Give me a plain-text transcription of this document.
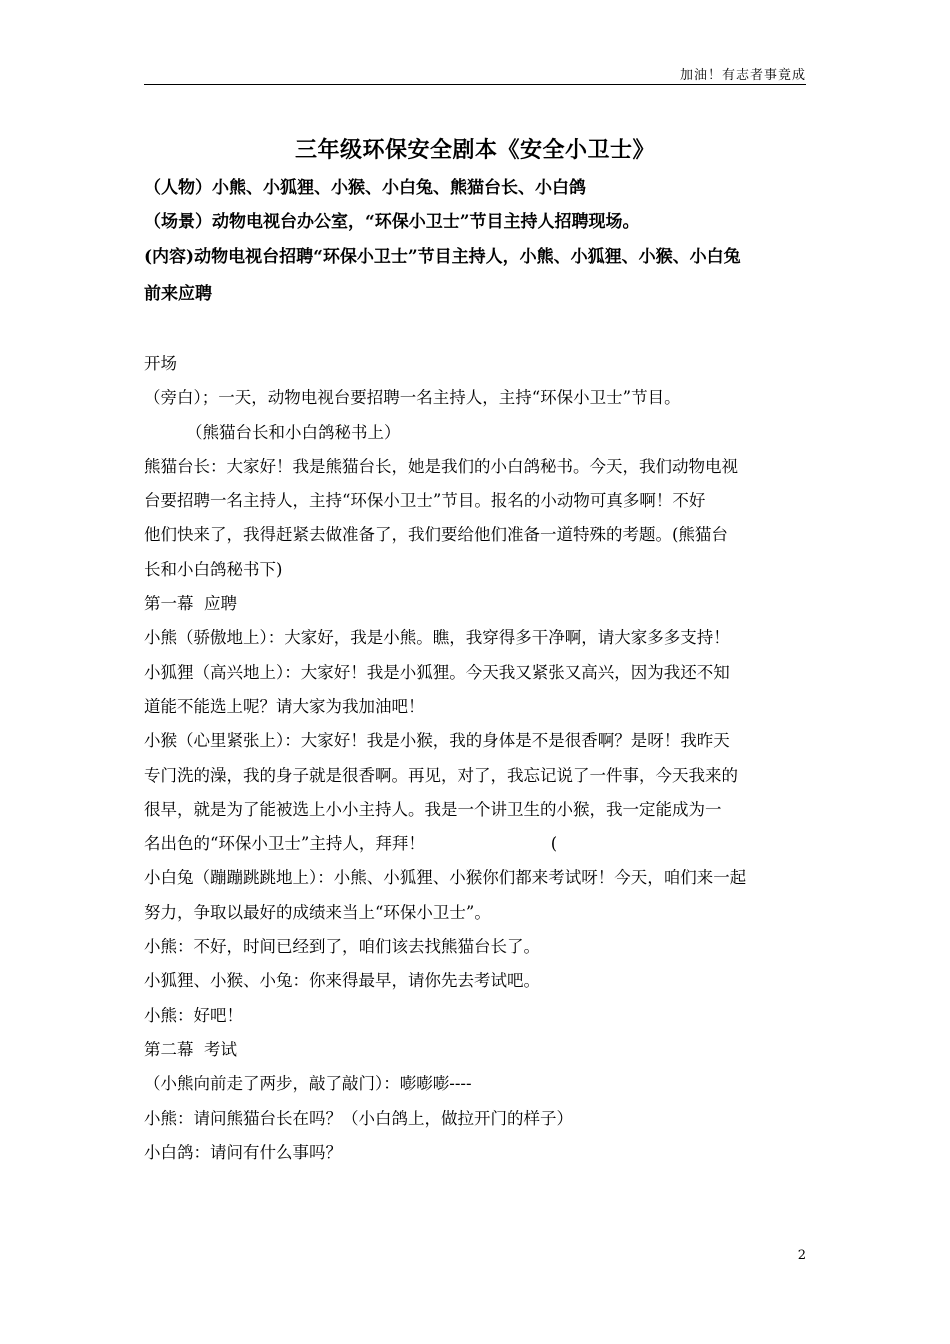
加油！有志者事竟成
三年级环保安全剧本《安全小卫士》
（人物）小熊、小狐狸、小猴、小白兔、熊猫台长、小白鸽
（场景）动物电视台办公室，“环保小卫士”节目主持人招聘现场。
(内容)动物电视台招聘“环保小卫士”节目主持人，小熊、小狐狸、小猴、小白兔
前来应聘
开场
（旁白）；一天，动物电视台要招聘一名主持人，主持“环保小卫士”节目。
（熊猫台长和小白鸽秘书上）
熊猫台长：大家好！我是熊猫台长，她是我们的小白鸽秘书。今天，我们动物电视
台要招聘一名主持人，主持“环保小卫士”节目。报名的小动物可真多啊！不好
他们快来了，我得赶紧去做准备了，我们要给他们准备一道特殊的考题。(熊猫台
长和小白鸽秘书下)
第一幕  应聘
小熊（骄傲地上）：大家好，我是小熊。瞧，我穿得多干净啊，请大家多多支持！
小狐狸（高兴地上）：大家好！我是小狐狸。今天我又紧张又高兴，因为我还不知
道能不能选上呢？请大家为我加油吧！
小猴（心里紧张上）：大家好！我是小猴，我的身体是不是很香啊？是呀！我昨天
专门洗的澡，我的身子就是很香啊。再见，对了，我忘记说了一件事，今天我来的
很早，就是为了能被选上小小主持人。我是一个讲卫生的小猴，我一定能成为一
名出色的“环保小卫士”主持人，拜拜！                        (
小白兔（蹦蹦跳跳地上）：小熊、小狐狸、小猴你们都来考试呀！今天，咱们来一起
努力，争取以最好的成绩来当上“环保小卫士”。
小熊：不好，时间已经到了，咱们该去找熊猫台长了。
小狐狸、小猴、小兔：你来得最早，请你先去考试吧。
小熊：好吧！
第二幕  考试
（小熊向前走了两步，敲了敲门）：嘭嘭嘭----
小熊：请问熊猫台长在吗？（小白鸽上，做拉开门的样子）
小白鸽：请问有什么事吗？
2
